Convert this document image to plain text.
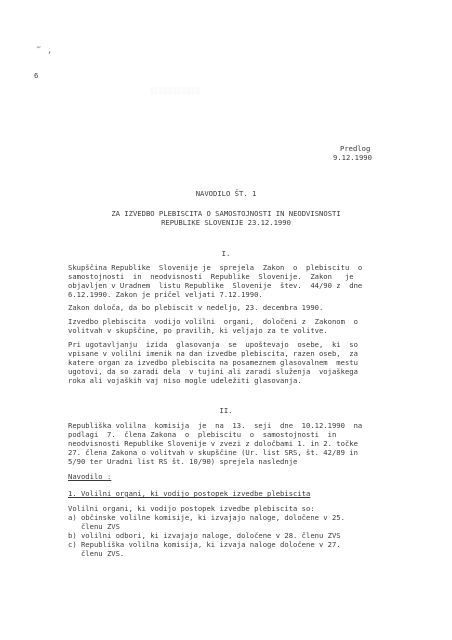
‴ ,
6
░░░░░░░░░░░
Predlog
9.12.1990
NAVODILO ŠT. 1
ZA IZVEDBO PLEBISCITA O SAMOSTOJNOSTI IN NEODVISNOSTI
REPUBLIKE SLOVENIJE 23.12.1990
I.
Skupščina Republike  Slovenije je  sprejela  Zakon  o  plebiscitu  o
samostojnosti  in  neodvisnosti  Republike  Slovenije.  Zakon   je
objavljen v Uradnem  listu Republike  Slovenije  štev.  44/90 z  dne
6.12.1990. Zakon je pričel veljati 7.12.1990.
Zakon določa, da bo plebiscit v nedeljo, 23. decembra 1990.
Izvedbo plebiscita  vodijo volilni  organi,  določeni z  Zakonom  o
volitvah v skupščine, po pravilih, ki veljajo za te volitve.
Pri ugotavljanju  izida  glasovanja  se  upoštevajo  osebe,  ki  so
vpisane v volilni imenik na dan izvedbe plebiscita, razen oseb,  za
katere organ za izvedbo plebiscita na posameznem glasovalnem  mestu
ugotovi, da so zaradi dela  v tujini ali zaradi služenja  vojaškega
roka ali vojaških vaj niso mogle udeležiti glasovanja.
II.
Republiška volilna  komisija  je  na  13.  seji  dne  10.12.1990  na
podlagi  7.  člena Zakona  o  plebiscitu  o  samostojnosti  in
neodvisnosti Republike Slovenije v zvezi z določbami 1. in 2. točke
27. člena Zakona o volitvah v skupščine (Ur. list SRS, št. 42/89 in
5/90 ter Uradni list RS št. 10/90) sprejela naslednje
Navodilo :
1. Volilni organi, ki vodijo postopek izvedbe plebiscita
Volilni organi, ki vodijo postopek izvedbe plebiscita so:
a) občinske volilne komisije, ki izvajajo naloge, določene v 25.
členu ZVS
b) volilni odbori, ki izvajajo naloge, določene v 28. členu ZVS
c) Republiška volilna komisija, ki izvaja naloge določene v 27.
členu ZVS.
